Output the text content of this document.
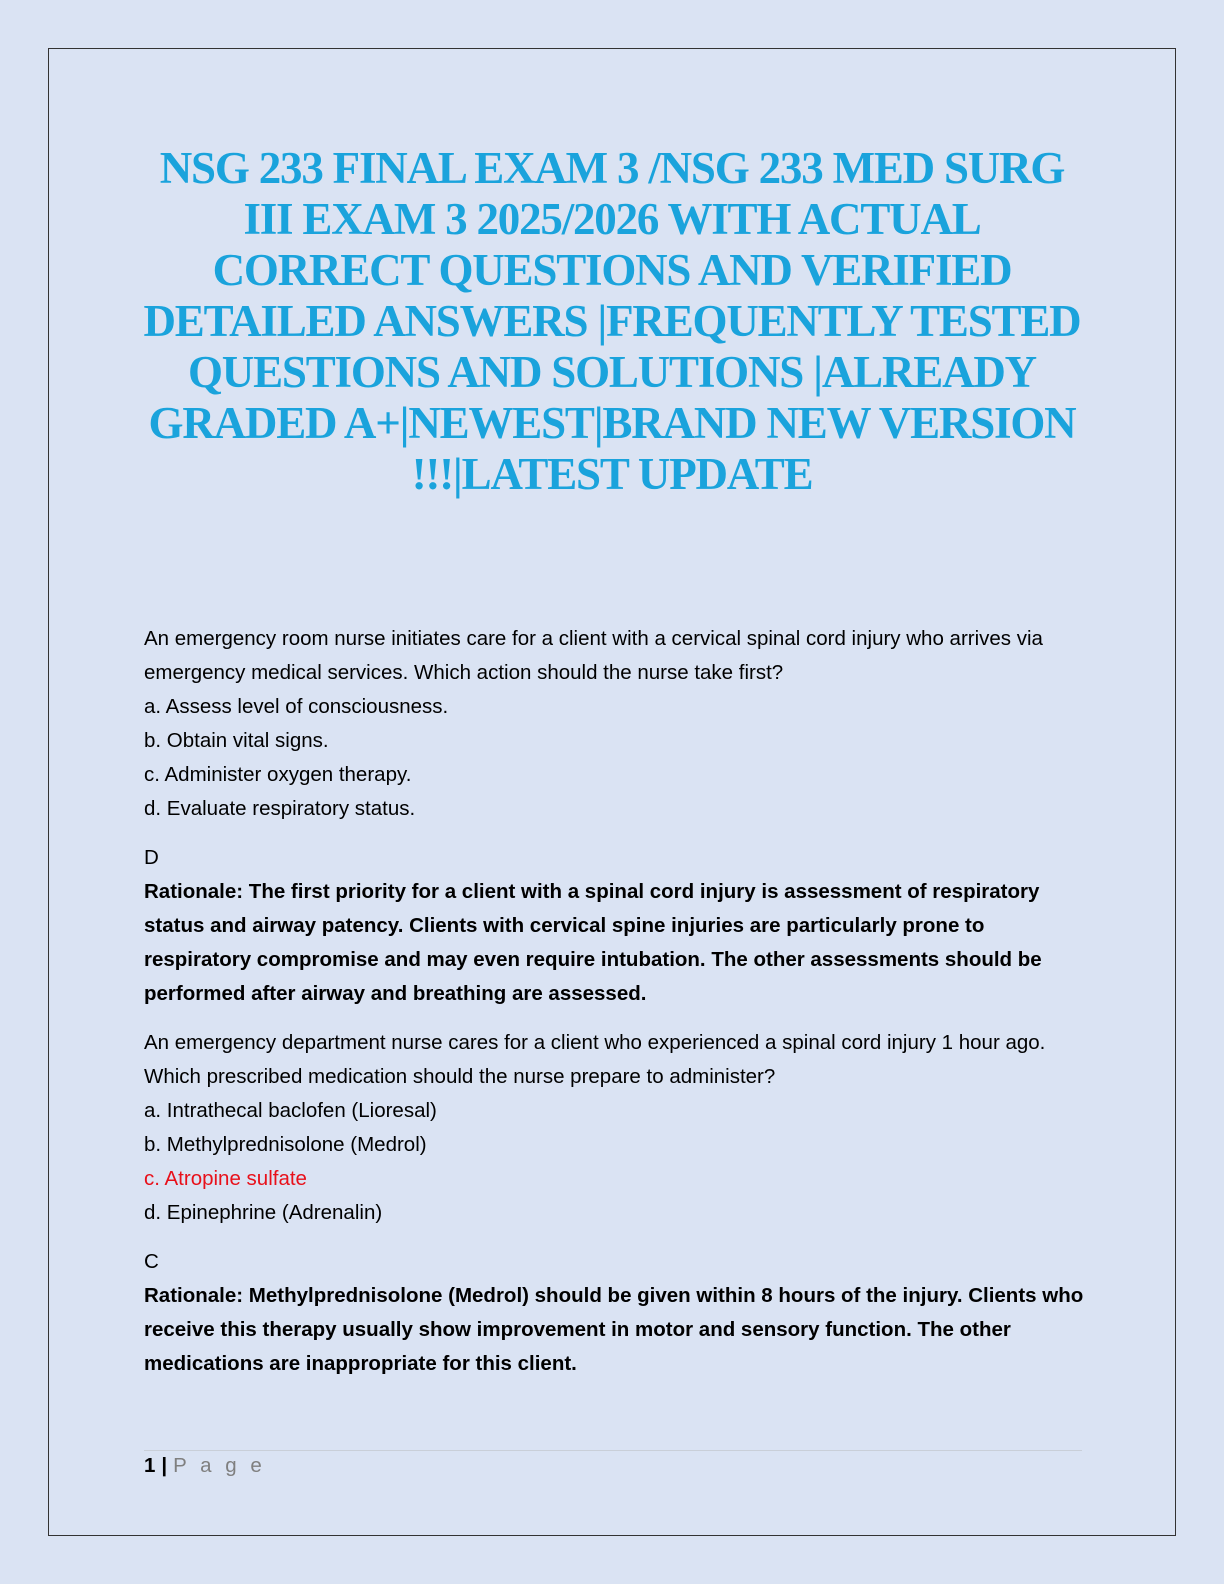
NSG 233 FINAL EXAM 3 /NSG 233 MED SURG III EXAM 3 2025/2026 WITH ACTUAL CORRECT QUESTIONS AND VERIFIED DETAILED ANSWERS |FREQUENTLY TESTED QUESTIONS AND SOLUTIONS |ALREADY GRADED A+|NEWEST|BRAND NEW VERSION !!!|LATEST UPDATE

An emergency room nurse initiates care for a client with a cervical spinal cord injury who arrives via emergency medical services. Which action should the nurse take first?

a. Assess level of consciousness.

b. Obtain vital signs.

c. Administer oxygen therapy.

d. Evaluate respiratory status.

D

Rationale: The first priority for a client with a spinal cord injury is assessment of respiratory status and airway patency. Clients with cervical spine injuries are particularly prone to respiratory compromise and may even require intubation. The other assessments should be performed after airway and breathing are assessed.

An emergency department nurse cares for a client who experienced a spinal cord injury 1 hour ago. Which prescribed medication should the nurse prepare to administer?

a. Intrathecal baclofen (Lioresal)

b. Methylprednisolone (Medrol)

c. Atropine sulfate

d. Epinephrine (Adrenalin)

C

Rationale: Methylprednisolone (Medrol) should be given within 8 hours of the injury. Clients who receive this therapy usually show improvement in motor and sensory function. The other medications are inappropriate for this client.

1 | P a g e
